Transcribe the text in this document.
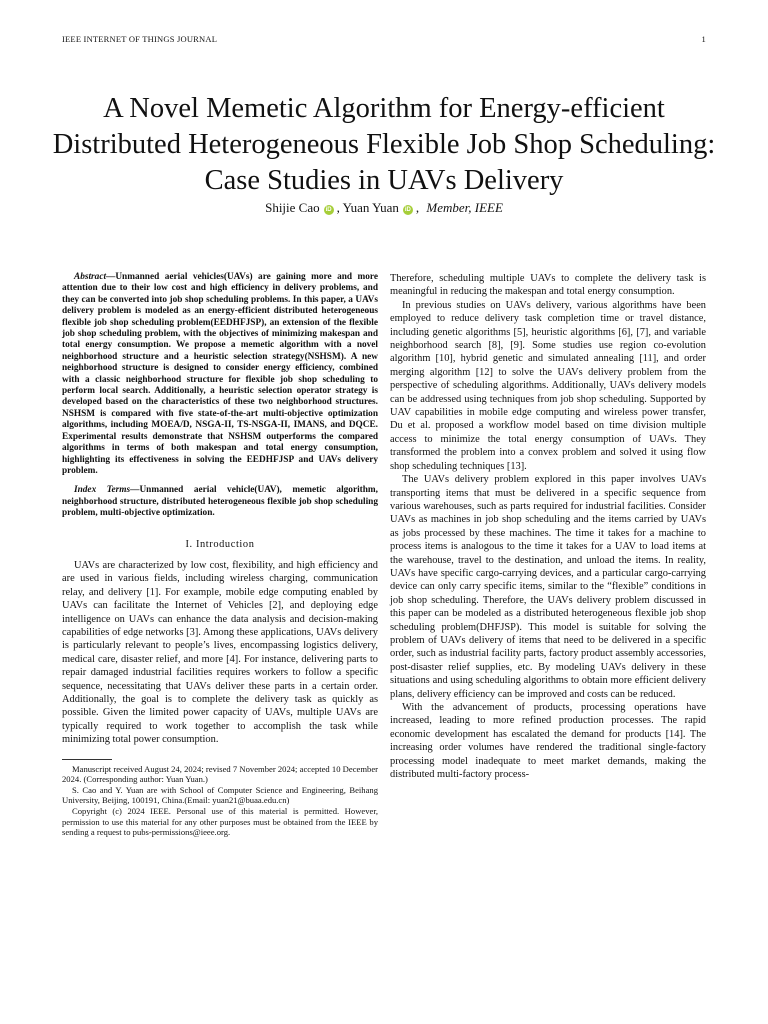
IEEE INTERNET OF THINGS JOURNAL	1
A Novel Memetic Algorithm for Energy-efficient Distributed Heterogeneous Flexible Job Shop Scheduling: Case Studies in UAVs Delivery
Shijie Cao iD , Yuan Yuan iD , Member, IEEE

Abstract—Unmanned aerial vehicles(UAVs) are gaining more and more attention due to their low cost and high efficiency in delivery problems, and they can be converted into job shop scheduling problems. In this paper, a UAVs delivery problem is modeled as an energy-efficient distributed heterogeneous flexible job shop scheduling problem(EEDHFJSP), an extension of the flexible job shop scheduling problem, with the objectives of minimizing makespan and total energy consumption. We propose a memetic algorithm with a novel neighborhood structure and a heuristic selection strategy(NSHSM). A new neighborhood structure is designed to consider energy efficiency, combined with a classic neighborhood structure for flexible job shop scheduling to perform local search. Additionally, a heuristic selection operator strategy is developed based on the characteristics of these two neighborhood structures. NSHSM is compared with five state-of-the-art multi-objective optimization algorithms, including MOEA/D, NSGA-II, TS-NSGA-II, IMANS, and DQCE. Experimental results demonstrate that NSHSM outperforms the compared algorithms in terms of both makespan and total energy consumption, highlighting its effectiveness in solving the EEDHFJSP and UAVs delivery problem.

Index Terms—Unmanned aerial vehicle(UAV), memetic algorithm, neighborhood structure, distributed heterogeneous flexible job shop scheduling problem, multi-objective optimization.

I. Introduction

UAVs are characterized by low cost, flexibility, and high efficiency and are used in various fields, including wireless charging, communication relay, and delivery [1]. For example, mobile edge computing enabled by UAVs can facilitate the Internet of Vehicles [2], and deploying edge intelligence on UAVs can enhance the data analysis and decision-making capabilities of edge networks [3]. Among these applications, UAVs delivery is particularly relevant to people’s lives, encompassing logistics delivery, medical care, disaster relief, and more [4]. For instance, delivering parts to repair damaged industrial facilities requires workers to follow a specific sequence, necessitating that UAVs deliver these parts in a certain order. Additionally, the goal is to complete the delivery task as quickly as possible. Given the limited power capacity of UAVs, multiple UAVs are typically required to work together to accomplish the task while minimizing total power consumption.

Manuscript received August 24, 2024; revised 7 November 2024; accepted 10 December 2024. (Corresponding author: Yuan Yuan.)

S. Cao and Y. Yuan are with School of Computer Science and Engineering, Beihang University, Beijing, 100191, China.(Email: yuan21@buaa.edu.cn)

Copyright (c) 2024 IEEE. Personal use of this material is permitted. However, permission to use this material for any other purposes must be obtained from the IEEE by sending a request to pubs-permissions@ieee.org.

Therefore, scheduling multiple UAVs to complete the delivery task is meaningful in reducing the makespan and total energy consumption.

In previous studies on UAVs delivery, various algorithms have been employed to reduce delivery task completion time or travel distance, including genetic algorithms [5], heuristic algorithms [6], [7], and variable neighborhood search [8], [9]. Some studies use region co-evolution algorithm [10], hybrid genetic and simulated annealing [11], and order merging algorithm [12] to solve the UAVs delivery problem from the perspective of scheduling algorithms. Additionally, UAVs delivery models can be addressed using techniques from job shop scheduling. Supported by UAV capabilities in mobile edge computing and wireless power transfer, Du et al. proposed a workflow model based on time division multiple access to minimize the total energy consumption of UAVs. They transformed the problem into a convex problem and solved it using flow shop scheduling techniques [13].

The UAVs delivery problem explored in this paper involves UAVs transporting items that must be delivered in a specific sequence from various warehouses, such as parts required for industrial facilities. Consider UAVs as machines in job shop scheduling and the items carried by UAVs as jobs processed by these machines. The time it takes for a machine to process items is analogous to the time it takes for a UAV to load items at the warehouse, travel to the destination, and unload the items. In reality, UAVs have specific cargo-carrying devices, and a particular cargo-carrying device can only carry specific items, similar to the “flexible” conditions in job shop scheduling. Therefore, the UAVs delivery problem discussed in this paper can be modeled as a distributed heterogeneous flexible job shop scheduling problem(DHFJSP). This model is suitable for solving the problem of UAVs delivery of items that need to be delivered in a specific order, such as industrial facility parts, factory product assembly accessories, post-disaster relief supplies, etc. By modeling UAVs delivery in these situations and using scheduling algorithms to obtain more efficient delivery plans, delivery efficiency can be improved and costs can be reduced.

With the advancement of products, processing operations have increased, leading to more refined production processes. The rapid economic development has escalated the demand for products [14]. The increasing order volumes have rendered the traditional single-factory processing model inadequate to meet market demands, making the distributed multi-factory process-
